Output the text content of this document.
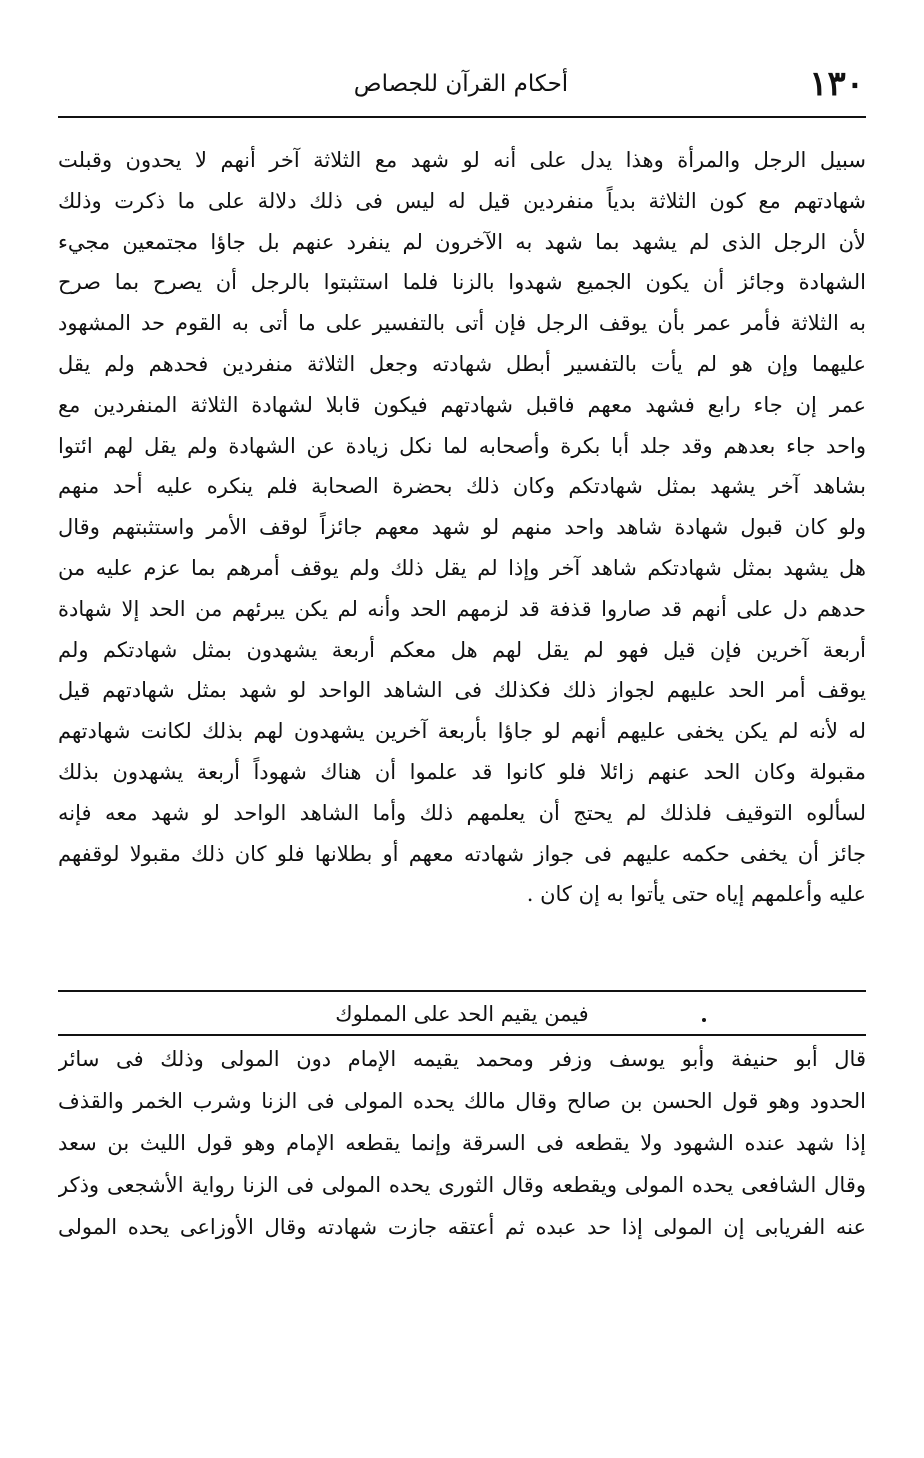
١٣٠
أحكام القرآن للجصاص
سبيل الرجل والمرأة وهذا يدل على أنه لو شهد مع الثلاثة آخر أنهم لا يحدون وقبلت
شهادتهم مع كون الثلاثة بدياً منفردين قيل له ليس فى ذلك دلالة على ما ذكرت وذلك
لأن الرجل الذى لم يشهد بما شهد به الآخرون لم ينفرد عنهم بل جاؤا مجتمعين مجيء
الشهادة وجائز أن يكون الجميع شهدوا بالزنا فلما استثبتوا بالرجل أن يصرح بما صرح
به الثلاثة فأمر عمر بأن يوقف الرجل فإن أتى بالتفسير على ما أتى به القوم حد المشهود
عليهما وإن هو لم يأت بالتفسير أبطل شهادته وجعل الثلاثة منفردين فحدهم ولم يقل
عمر إن جاء رابع فشهد معهم فاقبل شهادتهم فيكون قابلا لشهادة الثلاثة المنفردين مع
واحد جاء بعدهم وقد جلد أبا بكرة وأصحابه لما نكل زيادة عن الشهادة ولم يقل لهم ائتوا
بشاهد آخر يشهد بمثل شهادتكم وكان ذلك بحضرة الصحابة فلم ينكره عليه أحد منهم
ولو كان قبول شهادة شاهد واحد منهم لو شهد معهم جائزاً لوقف الأمر واستثبتهم وقال
هل يشهد بمثل شهادتكم شاهد آخر وإذا لم يقل ذلك ولم يوقف أمرهم بما عزم عليه من
حدهم دل على أنهم قد صاروا قذفة قد لزمهم الحد وأنه لم يكن يبرئهم من الحد إلا شهادة
أربعة آخرين فإن قيل فهو لم يقل لهم هل معكم أربعة يشهدون بمثل شهادتكم ولم
يوقف أمر الحد عليهم لجواز ذلك فكذلك فى الشاهد الواحد لو شهد بمثل شهادتهم قيل
له لأنه لم يكن يخفى عليهم أنهم لو جاؤا بأربعة آخرين يشهدون لهم بذلك لكانت شهادتهم
مقبولة وكان الحد عنهم زائلا فلو كانوا قد علموا أن هناك شهوداً أربعة يشهدون بذلك
لسألوه التوقيف فلذلك لم يحتج أن يعلمهم ذلك وأما الشاهد الواحد لو شهد معه فإنه
جائز أن يخفى حكمه عليهم فى جواز شهادته معهم أو بطلانها فلو كان ذلك مقبولا لوقفهم
عليه وأعلمهم إياه حتى يأتوا به إن كان .
فيمن يقيم الحد على المملوك
قال أبو حنيفة وأبو يوسف وزفر ومحمد يقيمه الإمام دون المولى وذلك فى سائر
الحدود وهو قول الحسن بن صالح وقال مالك يحده المولى فى الزنا وشرب الخمر والقذف
إذا شهد عنده الشهود ولا يقطعه فى السرقة وإنما يقطعه الإمام وهو قول الليث بن سعد
وقال الشافعى يحده المولى ويقطعه وقال الثورى يحده المولى فى الزنا رواية الأشجعى وذكر
عنه الفريابى إن المولى إذا حد عبده ثم أعتقه جازت شهادته وقال الأوزاعى يحده المولى
